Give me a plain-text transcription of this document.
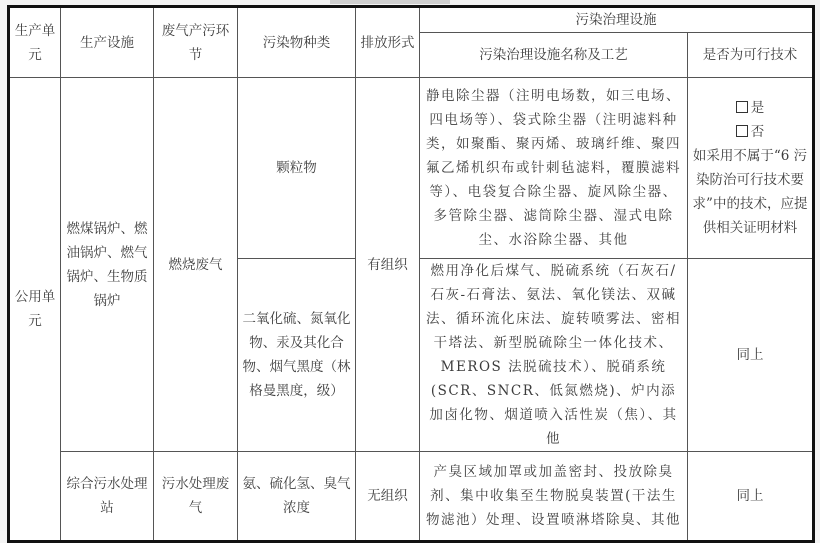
生产单元	生产设施	废气产污环节	污染物种类	排放形式	污染治理设施	
					污染治理设施名称及工艺	是否为可行技术
公用单元	燃煤锅炉、燃油锅炉、燃气锅炉、生物质锅炉	燃烧废气	颗粒物	有组织	静电除尘器（注明电场数，如三电场、四电场等）、袋式除尘器（注明滤料种类，如聚酯、聚丙烯、玻璃纤维、聚四氟乙烯机织布或针刺毡滤料，覆膜滤料等）、电袋复合除尘器、旋风除尘器、多管除尘器、滤筒除尘器、湿式电除尘、水浴除尘器、其他	是
否
如采用不属于“6 污染防治可行技术要求”中的技术，应提供相关证明材料

			二氧化硫、氮氧化物、汞及其化合物、烟气黑度（林格曼黑度，级）		燃用净化后煤气、脱硫系统（石灰石/石灰-石膏法、氨法、氧化镁法、双碱法、循环流化床法、旋转喷雾法、密相干塔法、新型脱硫除尘一体化技术、MEROS 法脱硫技术）、脱硝系统(SCR、SNCR、低氮燃烧)、炉内添加卤化物、烟道喷入活性炭（焦）、其他	同上
	综合污水处理站	污水处理废气	氨、硫化氢、臭气浓度	无组织	产臭区域加罩或加盖密封、投放除臭剂、集中收集至生物脱臭装置(干法生物滤池）处理、设置喷淋塔除臭、其他	同上
